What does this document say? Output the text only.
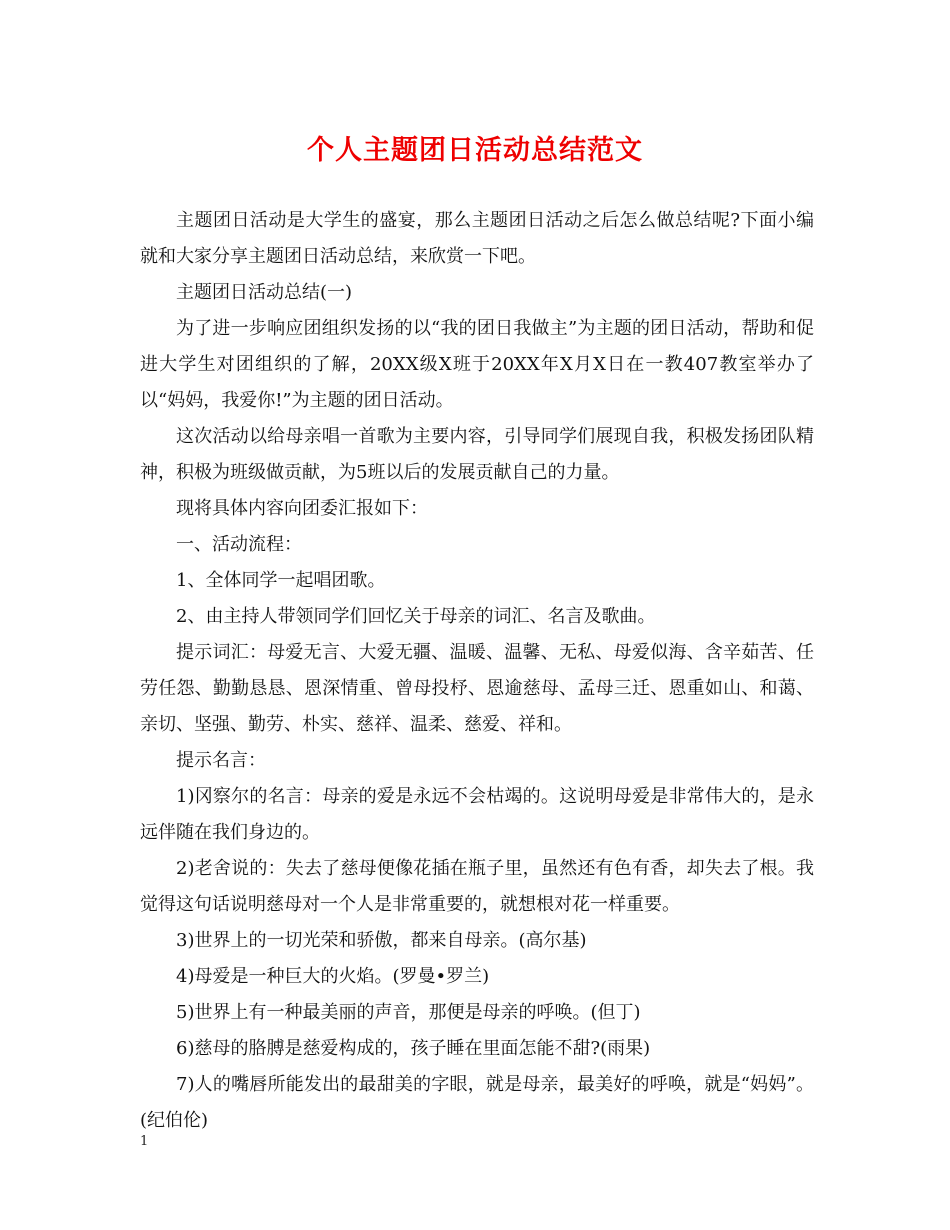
个人主题团日活动总结范文

主题团日活动是大学生的盛宴，那么主题团日活动之后怎么做总结呢?下面小编就和大家分享主题团日活动总结，来欣赏一下吧。

主题团日活动总结(一)

为了进一步响应团组织发扬的以“我的团日我做主”为主题的团日活动，帮助和促进大学生对团组织的了解，20XX级X班于20XX年X月X日在一教407教室举办了以“妈妈，我爱你!”为主题的团日活动。

这次活动以给母亲唱一首歌为主要内容，引导同学们展现自我，积极发扬团队精神，积极为班级做贡献，为5班以后的发展贡献自己的力量。

现将具体内容向团委汇报如下：

一、活动流程：

1、全体同学一起唱团歌。

2、由主持人带领同学们回忆关于母亲的词汇、名言及歌曲。

提示词汇：母爱无言、大爱无疆、温暖、温馨、无私、母爱似海、含辛茹苦、任劳任怨、勤勤恳恳、恩深情重、曾母投杼、恩逾慈母、孟母三迁、恩重如山、和蔼、亲切、坚强、勤劳、朴实、慈祥、温柔、慈爱、祥和。

提示名言：

1)冈察尔的名言：母亲的爱是永远不会枯竭的。这说明母爱是非常伟大的，是永远伴随在我们身边的。

2)老舍说的：失去了慈母便像花插在瓶子里，虽然还有色有香，却失去了根。我觉得这句话说明慈母对一个人是非常重要的，就想根对花一样重要。

3)世界上的一切光荣和骄傲，都来自母亲。(高尔基)

4)母爱是一种巨大的火焰。(罗曼•罗兰)

5)世界上有一种最美丽的声音，那便是母亲的呼唤。(但丁)

6)慈母的胳膊是慈爱构成的，孩子睡在里面怎能不甜?(雨果)

7)人的嘴唇所能发出的最甜美的字眼，就是母亲，最美好的呼唤，就是“妈妈”。(纪伯伦)

1
